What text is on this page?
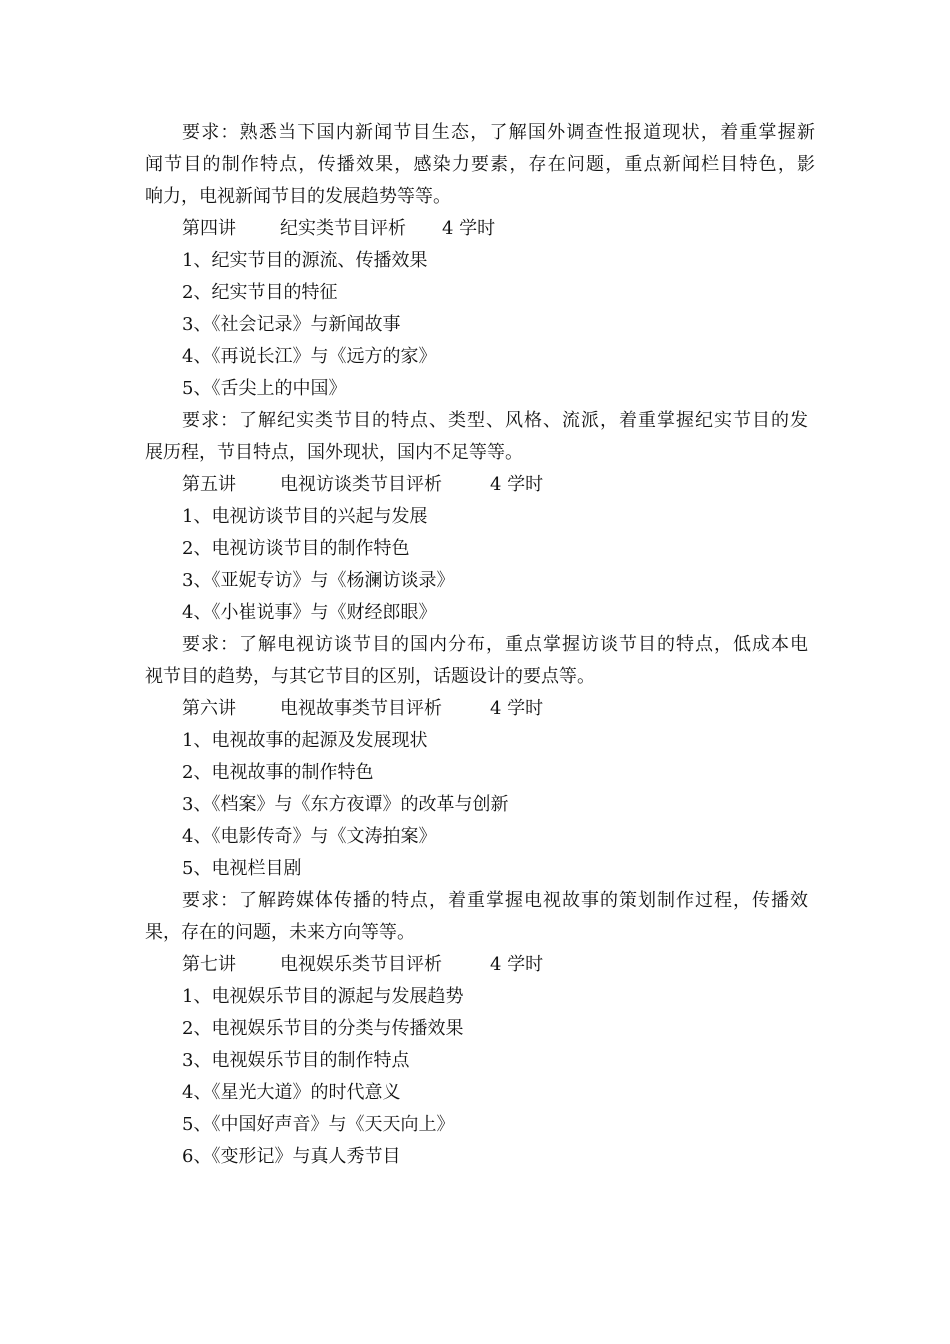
要求：熟悉当下国内新闻节目生态，了解国外调查性报道现状，着重掌握新
闻节目的制作特点，传播效果，感染力要素，存在问题，重点新闻栏目特色，影
响力，电视新闻节目的发展趋势等等。
第四讲 纪实类节目评析 4 学时
1、纪实节目的源流、传播效果
2、纪实节目的特征
3、《社会记录》与新闻故事
4、《再说长江》与《远方的家》
5、《舌尖上的中国》
要求：了解纪实类节目的特点、类型、风格、流派，着重掌握纪实节目的发
展历程，节目特点，国外现状，国内不足等等。
第五讲 电视访谈类节目评析	4 学时
1、电视访谈节目的兴起与发展
2、电视访谈节目的制作特色
3、《亚妮专访》与《杨澜访谈录》
4、《小崔说事》与《财经郎眼》
要求：了解电视访谈节目的国内分布，重点掌握访谈节目的特点，低成本电
视节目的趋势，与其它节目的区别，话题设计的要点等。
第六讲 电视故事类节目评析	4 学时
1、电视故事的起源及发展现状
2、电视故事的制作特色
3、《档案》与《东方夜谭》的改革与创新
4、《电影传奇》与《文涛拍案》
5、电视栏目剧
要求：了解跨媒体传播的特点，着重掌握电视故事的策划制作过程，传播效
果，存在的问题，未来方向等等。
第七讲 电视娱乐类节目评析	4 学时
1、电视娱乐节目的源起与发展趋势
2、电视娱乐节目的分类与传播效果
3、电视娱乐节目的制作特点
4、《星光大道》的时代意义
5、《中国好声音》与《天天向上》
6、《变形记》与真人秀节目
